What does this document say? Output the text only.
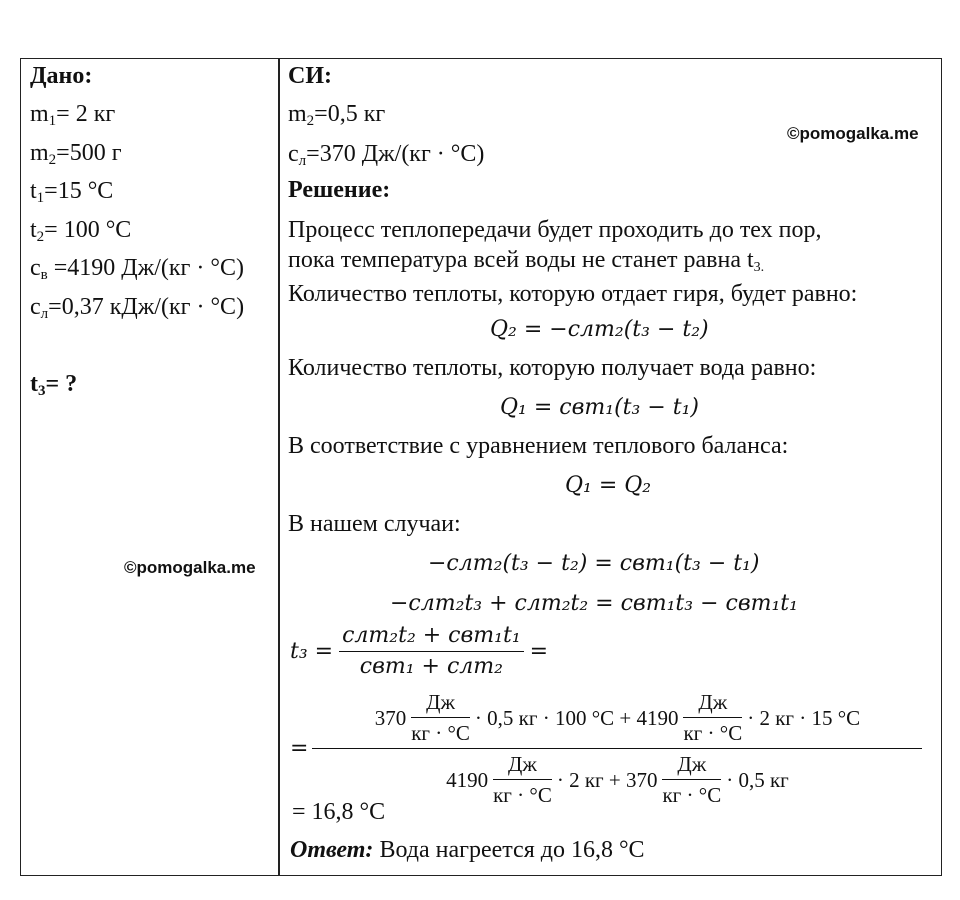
Дано:
$m_1= 2$ кг
$m_2=500$ г
$t_1=15$ °C
$t_2= 100$ °C
$c_в =4190$ Дж/(кг · °C)
$c_л=0,37$ кДж/(кг · °C)
$t_3=$ ?
©pomogalka.me
©pomogalka.me
СИ:
$m_2=0,5$ кг
$c_л=370$ Дж/(кг · °C)
Решение:
Процесс теплопередачи будет проходить до тех пор,
пока температура всей воды не станет равна $t_{3.}$
Количество теплоты, которую отдает гиря, будет равно:
Q₂ = −cлm₂(t₃ − t₂)
Количество теплоты, которую получает вода равно:
Q₁ = cвm₁(t₃ − t₁)
В соответствие с уравнением теплового баланса:
Q₁ = Q₂
В нашем случаи:
−cлm₂(t₃ − t₂) = cвm₁(t₃ − t₁)
−cлm₂t₃ + cлm₂t₂ = cвm₁t₃ − cвm₁t₁
$t_3 = \frac{\text{cлm₂t₂ + cвm₁t₁}}{\text{cвm₁ + cлm₂}}$ =
=
$370 \frac{Дж}{кг \cdot ^\circ C} \cdot 0,5$ кг · 100 $^\circ C + 4190 \frac{Дж}{кг \cdot ^\circ C} \cdot 2$ кг · 15 °C
$4190 \frac{Дж}{кг \cdot ^\circ C} \cdot 2$ кг + $370 \frac{Дж}{кг \cdot ^\circ C} \cdot 0,5$ кг
= 16,8 °C
Ответ: Вода нагреется до 16,8 °C
